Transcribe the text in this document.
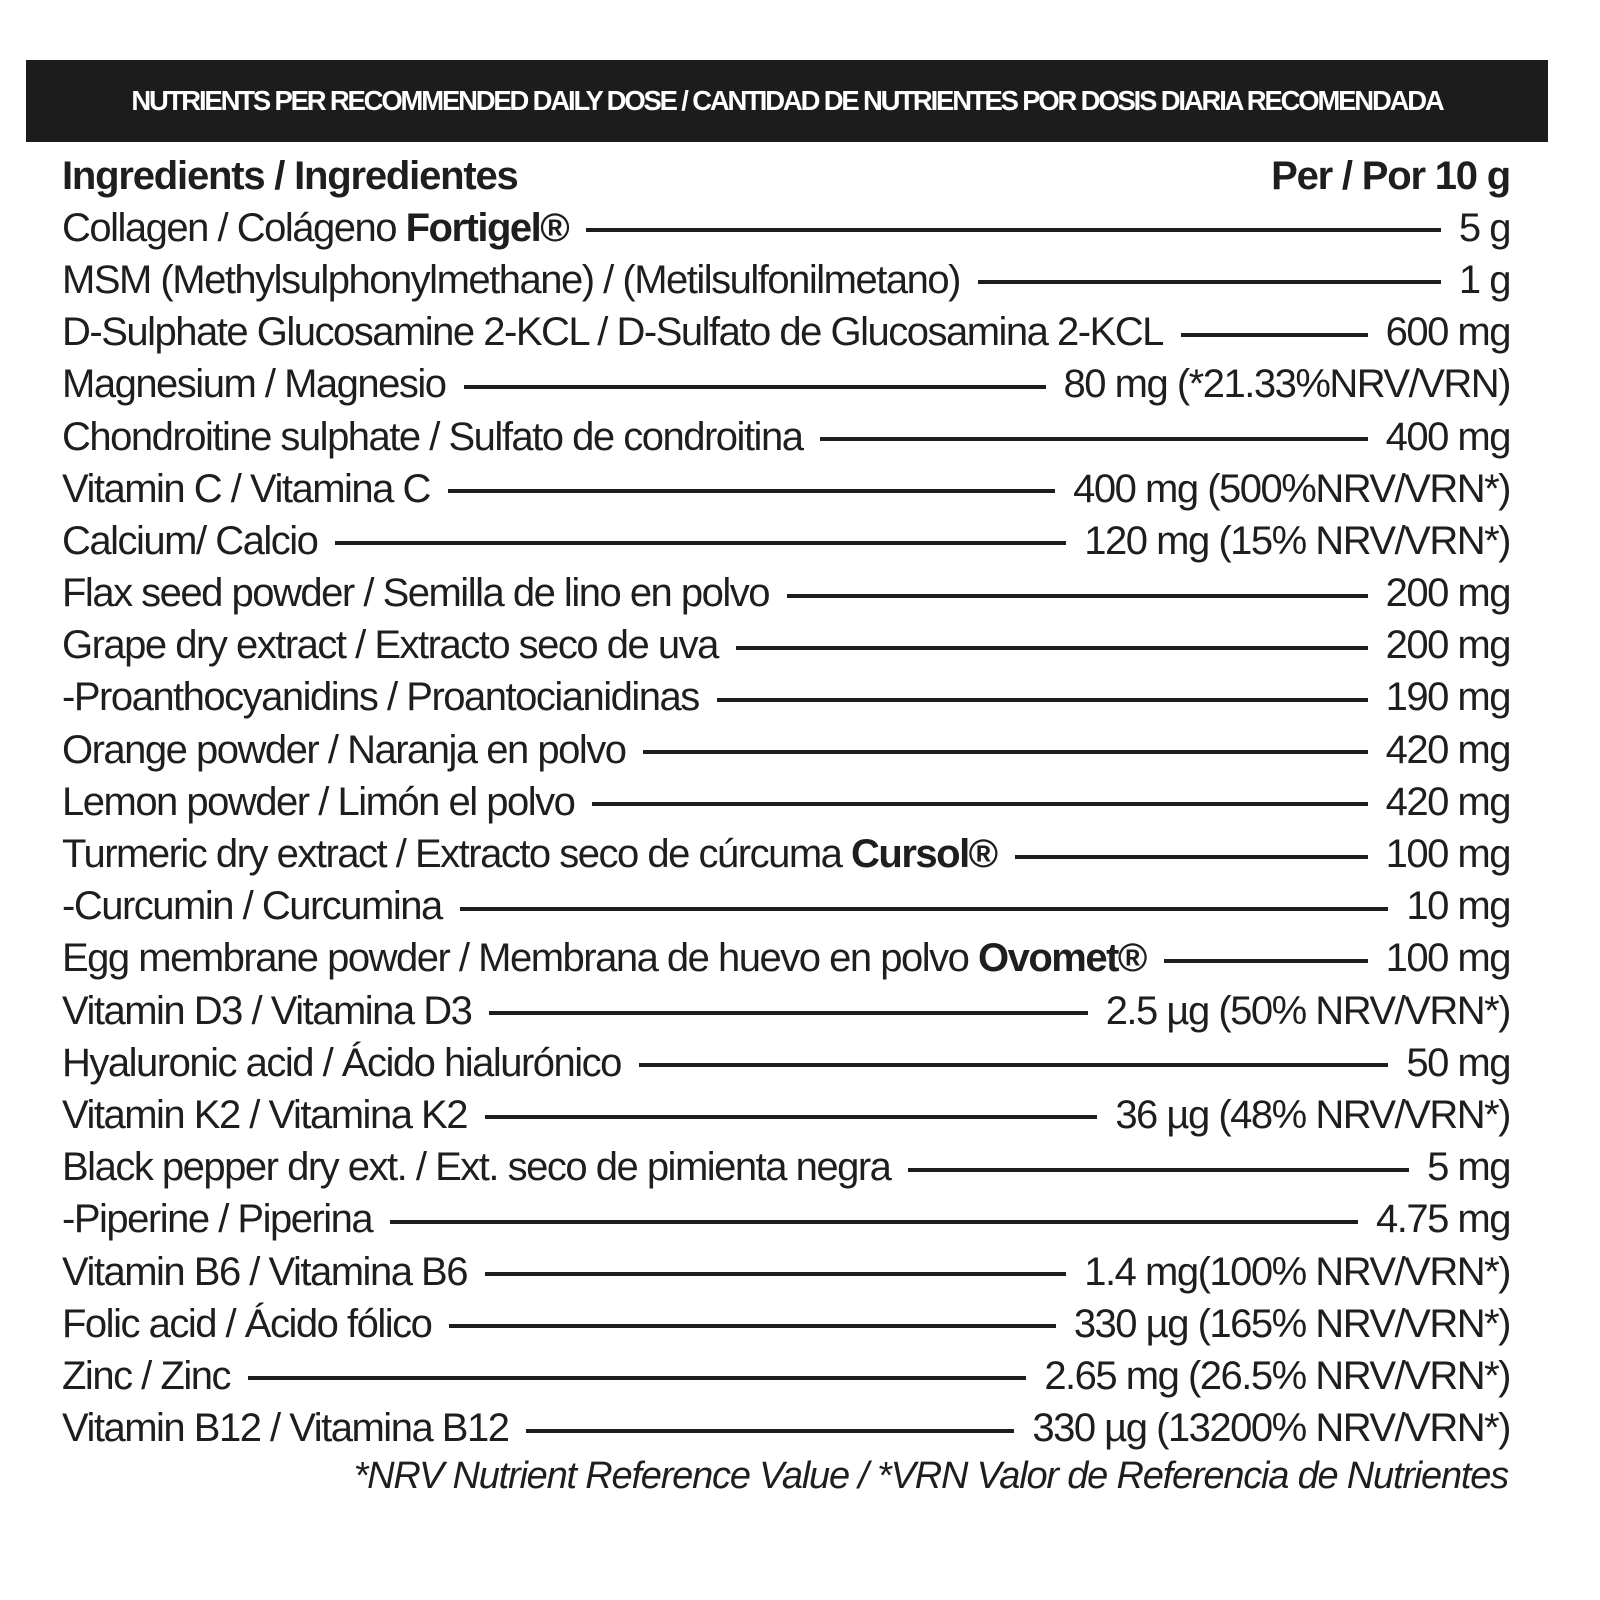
NUTRIENTS PER RECOMMENDED DAILY DOSE / CANTIDAD DE NUTRIENTES POR DOSIS DIARIA RECOMENDADA
Ingredients / Ingredientes	Per / Por 10 g
Collagen / Colágeno Fortigel®	5 g
MSM (Methylsulphonylmethane) / (Metilsulfonilmetano)	1 g
D-Sulphate Glucosamine 2-KCL / D-Sulfato de Glucosamina 2-KCL	600 mg
Magnesium / Magnesio	80 mg (*21.33%NRV/VRN)
Chondroitine sulphate / Sulfato de condroitina	400 mg
Vitamin C / Vitamina C	400 mg (500%NRV/VRN*)
Calcium/ Calcio	120 mg (15% NRV/VRN*)
Flax seed powder / Semilla de lino en polvo	200 mg
Grape dry extract / Extracto seco de uva	200 mg
-Proanthocyanidins / Proantocianidinas	190 mg
Orange powder / Naranja en polvo	420 mg
Lemon powder / Limón el polvo	420 mg
Turmeric dry extract / Extracto seco de cúrcuma Cursol®	100 mg
-Curcumin / Curcumina	10 mg
Egg membrane powder / Membrana de huevo en polvo Ovomet®	100 mg
Vitamin D3 / Vitamina D3	2.5 µg (50% NRV/VRN*)
Hyaluronic acid / Ácido hialurónico	50 mg
Vitamin K2 / Vitamina K2	36 µg (48% NRV/VRN*)
Black pepper dry ext. / Ext. seco de pimienta negra	5 mg
-Piperine / Piperina	4.75 mg
Vitamin B6 / Vitamina B6	1.4 mg(100% NRV/VRN*)
Folic acid / Ácido fólico	330 µg (165% NRV/VRN*)
Zinc / Zinc	2.65 mg (26.5% NRV/VRN*)
Vitamin B12 / Vitamina B12	330 µg (13200% NRV/VRN*)
*NRV Nutrient Reference Value / *VRN Valor de Referencia de Nutrientes
